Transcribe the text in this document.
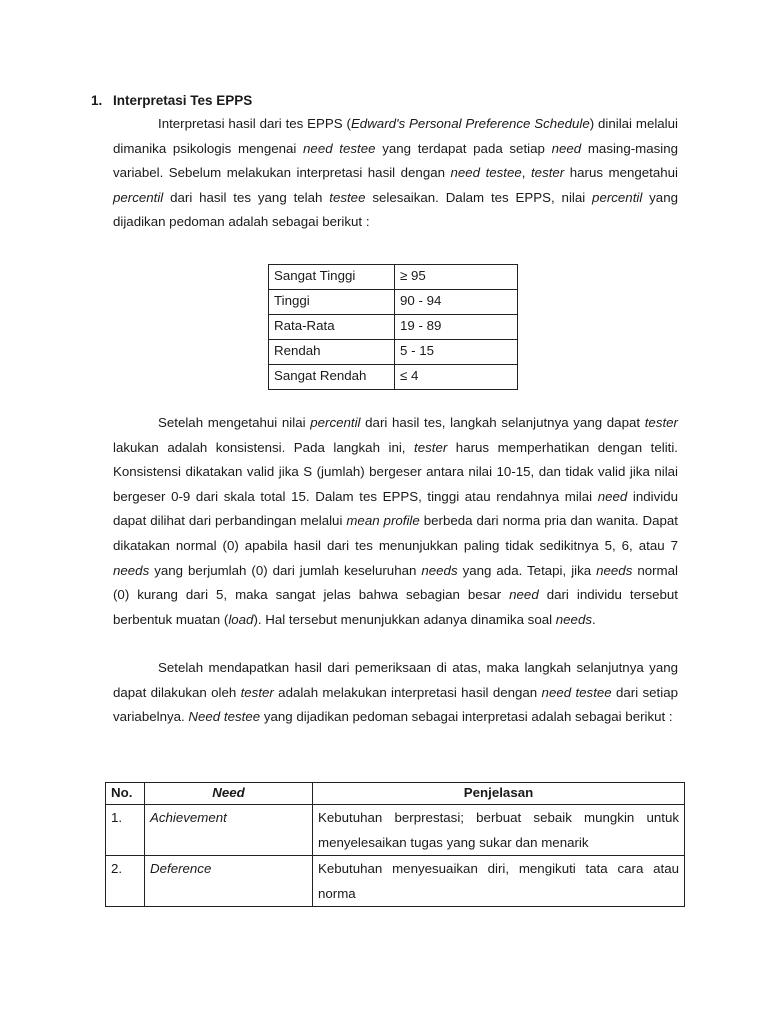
1. Interpretasi Tes EPPS

Interpretasi hasil dari tes EPPS (Edward's Personal Preference Schedule) dinilai melalui dimanika psikologis mengenai need testee yang terdapat pada setiap need masing-masing variabel. Sebelum melakukan interpretasi hasil dengan need testee, tester harus mengetahui percentil dari hasil tes yang telah testee selesaikan. Dalam tes EPPS, nilai percentil yang dijadikan pedoman adalah sebagai berikut :

Sangat Tinggi	≥ 95
Tinggi	90 - 94
Rata-Rata	19 - 89
Rendah	5 - 15
Sangat Rendah	≤ 4

Setelah mengetahui nilai percentil dari hasil tes, langkah selanjutnya yang dapat tester lakukan adalah konsistensi. Pada langkah ini, tester harus memperhatikan dengan teliti. Konsistensi dikatakan valid jika S (jumlah) bergeser antara nilai 10-15, dan tidak valid jika nilai bergeser 0-9 dari skala total 15. Dalam tes EPPS, tinggi atau rendahnya milai need individu dapat dilihat dari perbandingan melalui mean profile berbeda dari norma pria dan wanita. Dapat dikatakan normal (0) apabila hasil dari tes menunjukkan paling tidak sedikitnya 5, 6, atau 7 needs yang berjumlah (0) dari jumlah keseluruhan needs yang ada. Tetapi, jika needs normal (0) kurang dari 5, maka sangat jelas bahwa sebagian besar need dari individu tersebut berbentuk muatan (load). Hal tersebut menunjukkan adanya dinamika soal needs.

Setelah mendapatkan hasil dari pemeriksaan di atas, maka langkah selanjutnya yang dapat dilakukan oleh tester adalah melakukan interpretasi hasil dengan need testee dari setiap variabelnya. Need testee yang dijadikan pedoman sebagai interpretasi adalah sebagai berikut :

No.	Need	Penjelasan
1.	Achievement	Kebutuhan berprestasi; berbuat sebaik mungkin untuk menyelesaikan tugas yang sukar dan menarik
2.	Deference	Kebutuhan menyesuaikan diri, mengikuti tata cara atau norma
